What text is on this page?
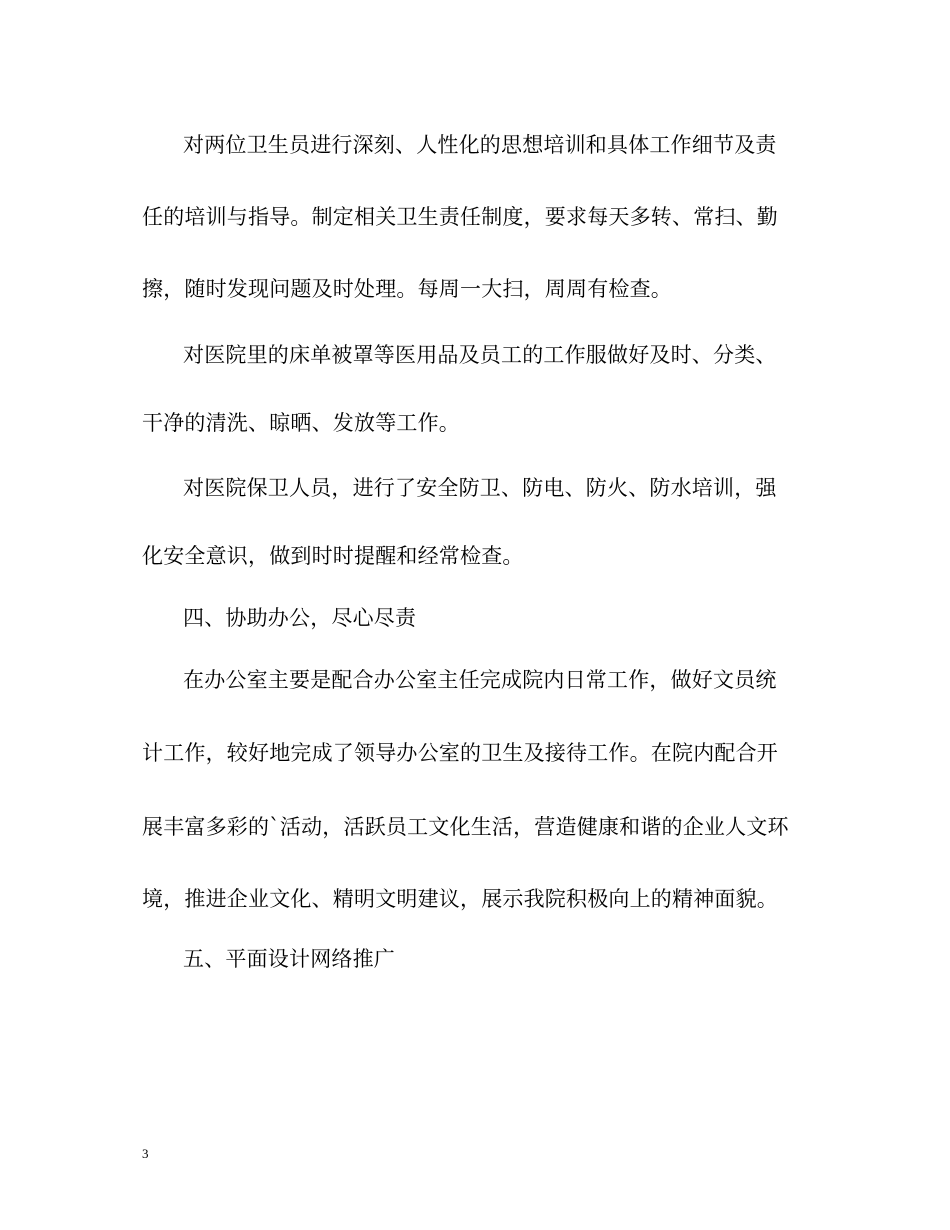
对两位卫生员进行深刻、人性化的思想培训和具体工作细节及责
任的培训与指导。制定相关卫生责任制度，要求每天多转、常扫、勤
擦，随时发现问题及时处理。每周一大扫，周周有检查。
对医院里的床单被罩等医用品及员工的工作服做好及时、分类、
干净的清洗、晾晒、发放等工作。
对医院保卫人员，进行了安全防卫、防电、防火、防水培训，强
化安全意识，做到时时提醒和经常检查。
四、协助办公，尽心尽责
在办公室主要是配合办公室主任完成院内日常工作，做好文员统
计工作，较好地完成了领导办公室的卫生及接待工作。在院内配合开
展丰富多彩的`活动，活跃员工文化生活，营造健康和谐的企业人文环
境，推进企业文化、精明文明建议，展示我院积极向上的精神面貌。
五、平面设计网络推广
3
